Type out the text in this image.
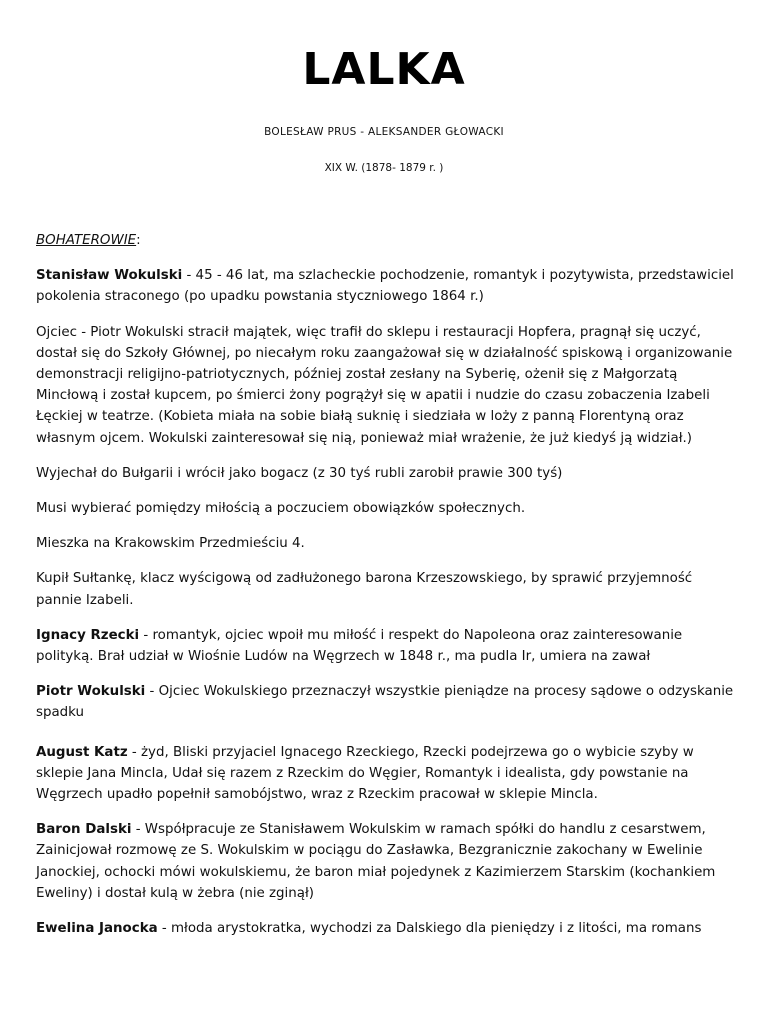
LALKA
BOLESŁAW PRUS - ALEKSANDER GŁOWACKI
XIX W. (1878- 1879 r. )
BOHATEROWIE:

Stanisław Wokulski - 45 - 46 lat, ma szlacheckie pochodzenie, romantyk i pozytywista, przedstawiciel pokolenia straconego (po upadku powstania styczniowego 1864 r.)

Ojciec - Piotr Wokulski stracił majątek, więc trafił do sklepu i restauracji Hopfera, pragnął się uczyć, dostał się do Szkoły Głównej, po niecałym roku zaangażował się w działalność spiskową i organizowanie demonstracji religijno-patriotycznych, później został zesłany na Syberię, ożenił się z Małgorzatą Mincłową i został kupcem, po śmierci żony pogrążył się w apatii i nudzie do czasu zobaczenia Izabeli Łęckiej w teatrze. (Kobieta miała na sobie białą suknię i siedziała w loży z panną Florentyną oraz własnym ojcem. Wokulski zainteresował się nią, ponieważ miał wrażenie, że już kiedyś ją widział.)

Wyjechał do Bułgarii i wrócił jako bogacz (z 30 tyś rubli zarobił prawie 300 tyś)

Musi wybierać pomiędzy miłością a poczuciem obowiązków społecznych.

Mieszka na Krakowskim Przedmieściu 4.

Kupił Sułtankę, klacz wyścigową od zadłużonego barona Krzeszowskiego, by sprawić przyjemność pannie Izabeli.

Ignacy Rzecki - romantyk, ojciec wpoił mu miłość i respekt do Napoleona oraz zainteresowanie polityką. Brał udział w Wiośnie Ludów na Węgrzech w 1848 r., ma pudla Ir, umiera na zawał

Piotr Wokulski - Ojciec Wokulskiego przeznaczył wszystkie pieniądze na procesy sądowe o odzyskanie spadku

August Katz - żyd, Bliski przyjaciel Ignacego Rzeckiego, Rzecki podejrzewa go o wybicie szyby w sklepie Jana Mincla, Udał się razem z Rzeckim do Węgier, Romantyk i idealista, gdy powstanie na Węgrzech upadło popełnił samobójstwo, wraz z Rzeckim pracował w sklepie Mincla.

Baron Dalski - Współpracuje ze Stanisławem Wokulskim w ramach spółki do handlu z cesarstwem, Zainicjował rozmowę ze S. Wokulskim w pociągu do Zasławka, Bezgranicznie zakochany w Ewelinie Janockiej, ochocki mówi wokulskiemu, że baron miał pojedynek z Kazimierzem Starskim (kochankiem Eweliny) i dostał kulą w żebra (nie zginął)

Ewelina Janocka - młoda arystokratka, wychodzi za Dalskiego dla pieniędzy i z litości, ma romans
